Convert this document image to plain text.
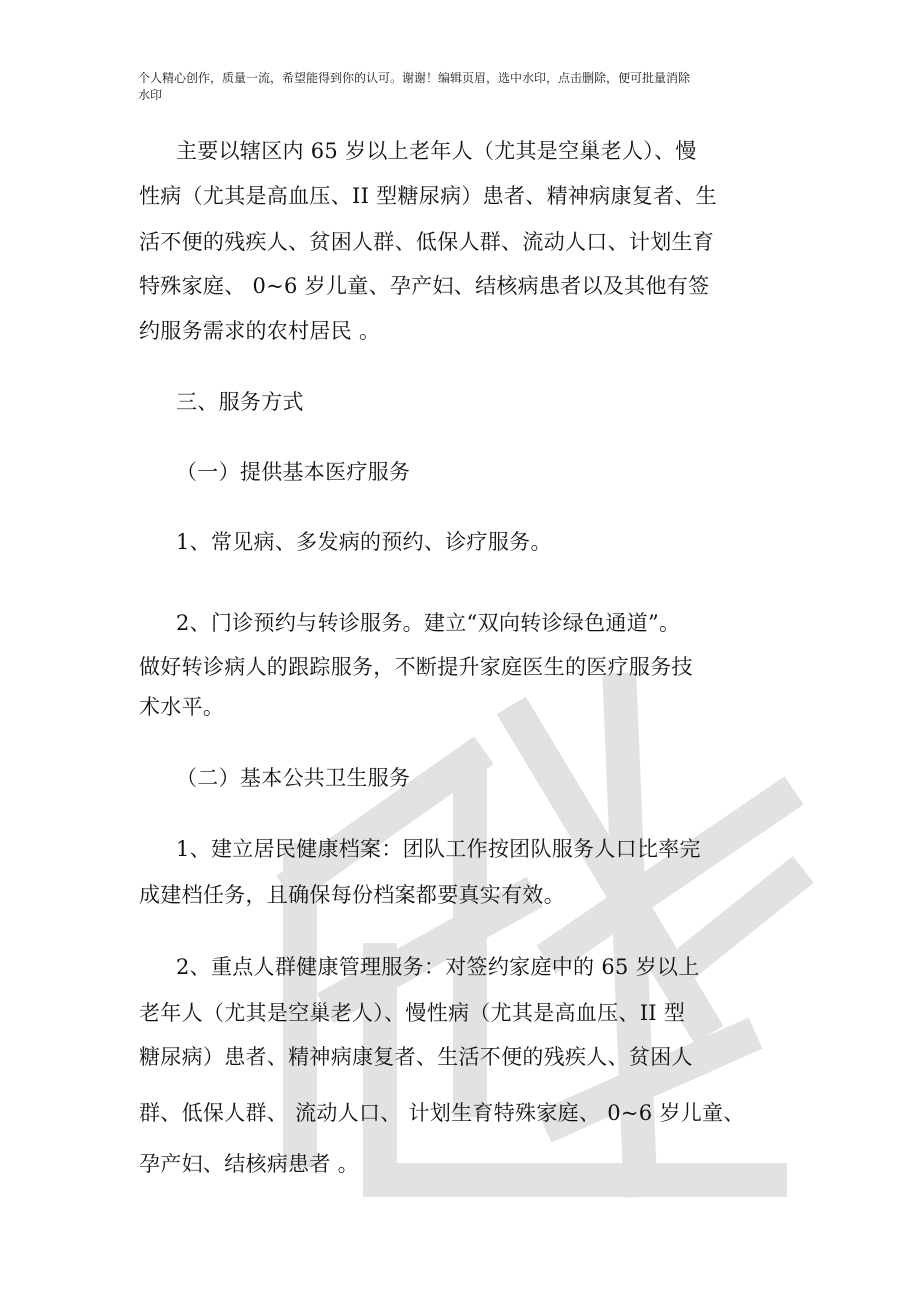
个人精心创作，质量一流，希望能得到你的认可。谢谢！编辑页眉，选中水印，点击删除，便可批量消除
水印
主要以辖区内 65 岁以上老年人（尤其是空巢老人）、慢
性病（尤其是高血压、II 型糖尿病）患者、精神病康复者、生
活不便的残疾人、贫困人群、低保人群、流动人口、计划生育
特殊家庭、 0~6 岁儿童、孕产妇、结核病患者以及其他有签
约服务需求的农村居民 。
三、服务方式
（一）提供基本医疗服务
1、常见病、多发病的预约、诊疗服务。
2、门诊预约与转诊服务。建立“双向转诊绿色通道”。
做好转诊病人的跟踪服务，不断提升家庭医生的医疗服务技
术水平。
（二）基本公共卫生服务
1、建立居民健康档案：团队工作按团队服务人口比率完
成建档任务，且确保每份档案都要真实有效。
2、重点人群健康管理服务：对签约家庭中的 65 岁以上
老年人（尤其是空巢老人）、慢性病（尤其是高血压、II 型
糖尿病）患者、精神病康复者、生活不便的残疾人、贫困人
群、低保人群、 流动人口、 计划生育特殊家庭、 0~6 岁儿童、
孕产妇、结核病患者 。
